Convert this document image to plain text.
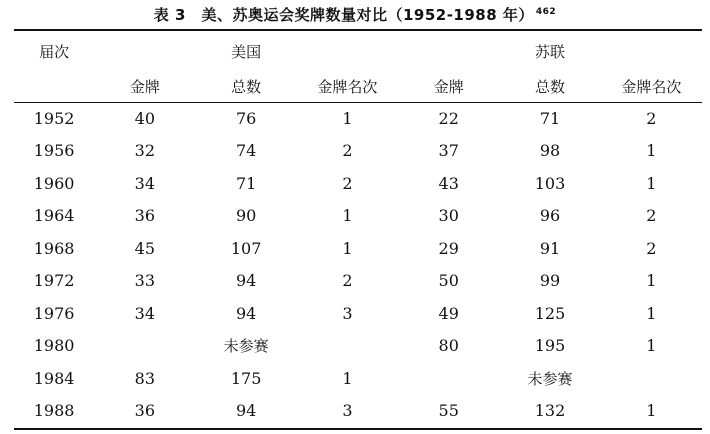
表 3　美、苏奥运会奖牌数量对比（1952-1988 年） $^{462}$
届次	美国			苏联		
	金牌	总数	金牌名次	金牌	总数	金牌名次
1952	40	76	1	22	71	2
1956	32	74	2	37	98	1
1960	34	71	2	43	103	1
1964	36	90	1	30	96	2
1968	45	107	1	29	91	2
1972	33	94	2	50	99	1
1976	34	94	3	49	125	1
1980	未参赛			80	195	1
1984	83	175	1	未参赛		
1988	36	94	3	55	132	1
